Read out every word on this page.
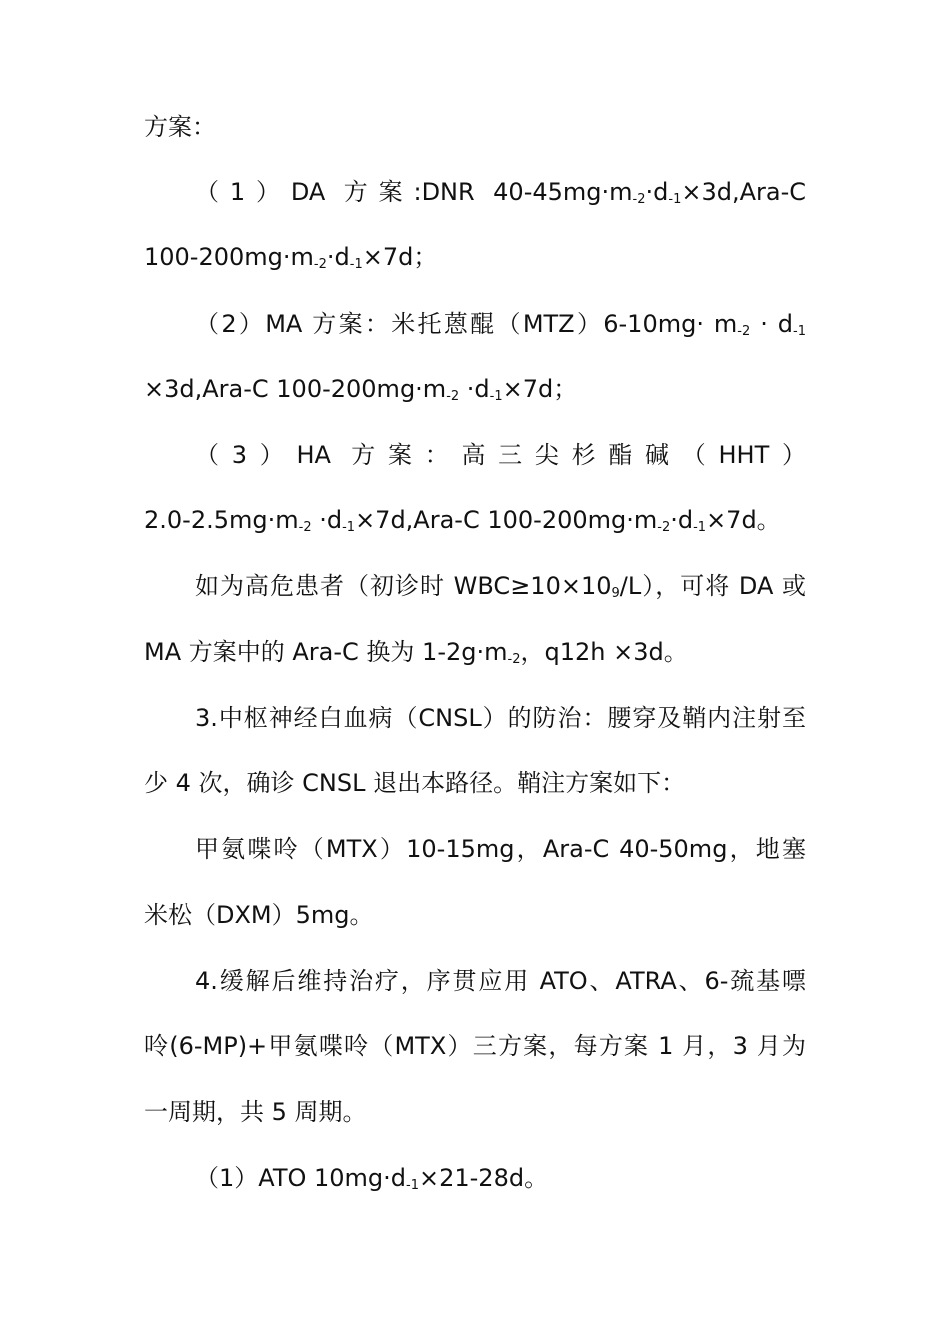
方案：
（1）DA 方案:DNR $40-45mg\cdot m_{-2}\cdot d_{-1}\times 3d,Ara-C$
$100-200mg\cdot m_{-2}\cdot d_{-1}\times 7d$；
（2）MA 方案：米托蒽醌$(MTZ)6-10mg\cdot m_{-2} \cdot d_{-1}$
×3d,Ara-C $100-200mg\cdot m_{-2} \cdot d_{-1}\times 7d$；
（3）HA 方案：高三尖杉酯碱（HHT）
$2.0-2.5mg\cdot m_{-2} \cdot d_{-1}\times 7d,Ara-C$ $100-200mg\cdot m_{-2}\cdot d_{-1}\times 7d$。
如为高危患者（初诊时 $WBC\ge 10\times 10_9/L$），可将 DA 或
MA 方案中的 Ara-C 换为 $1-2g\cdot m_{-2}$，q12h ×3d。
3.中枢神经白血病（CNSL）的防治：腰穿及鞘内注射至
少 4 次，确诊 CNSL 退出本路径。鞘注方案如下：
甲氨喋呤（MTX）10-15mg，Ara-C 40-50mg，地塞
米松（DXM）5mg。
4.缓解后维持治疗，序贯应用 ATO、ATRA、6-巯基嘌
呤(6-MP)+甲氨喋呤（MTX）三方案，每方案 1 月，3 月为
一周期，共 5 周期。
（1）ATO $10mg\cdot d_{-1}\times 21-28d$。
